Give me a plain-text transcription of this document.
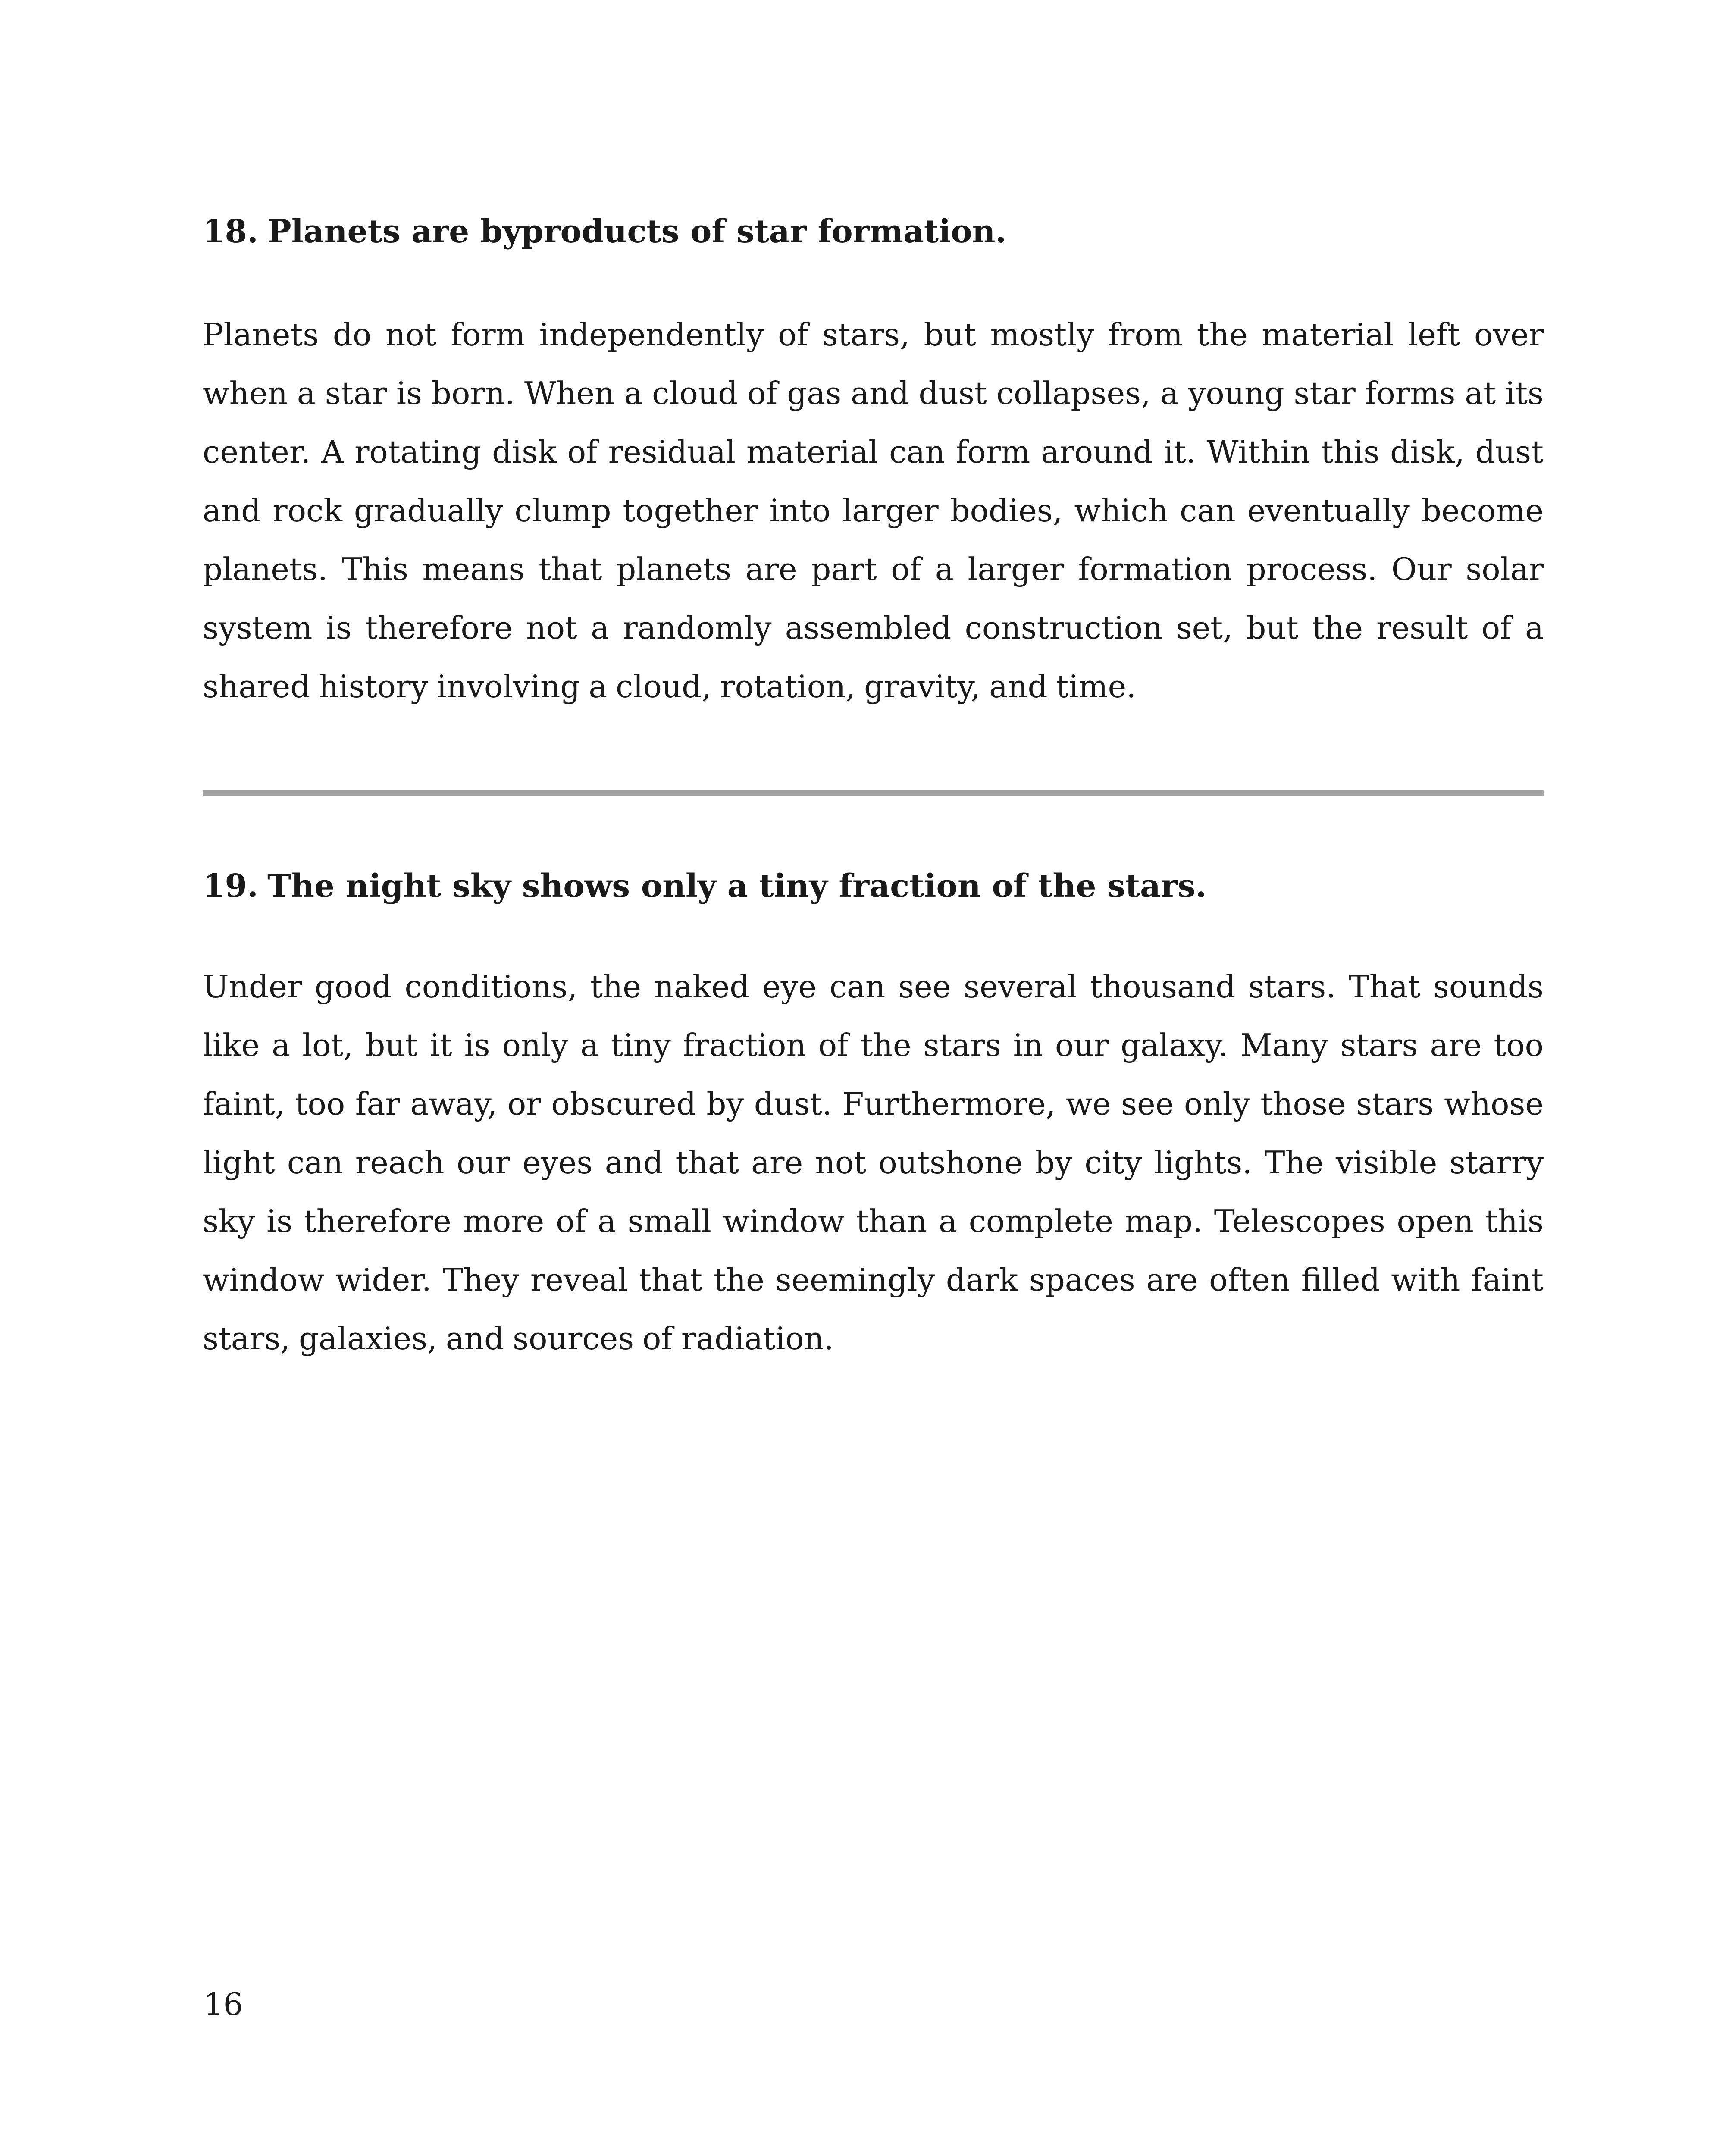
18. Planets are byproducts of star formation.

Planets do not form independently of stars, but mostly from the material left over when a star is born. When a cloud of gas and dust collapses, a young star forms at its center. A rotating disk of residual material can form around it. Within this disk, dust and rock gradually clump together into larger bodies, which can eventually become planets. This means that planets are part of a larger formation process. Our solar system is therefore not a randomly assembled construction set, but the result of a shared history involving a cloud, rotation, gravity, and time.

19. The night sky shows only a tiny fraction of the stars.

Under good conditions, the naked eye can see several thousand stars. That sounds like a lot, but it is only a tiny fraction of the stars in our galaxy. Many stars are too faint, too far away, or obscured by dust. Furthermore, we see only those stars whose light can reach our eyes and that are not outshone by city lights. The visible starry sky is therefore more of a small window than a complete map. Telescopes open this window wider. They reveal that the seemingly dark spaces are often filled with faint stars, galaxies, and sources of radiation.

16
